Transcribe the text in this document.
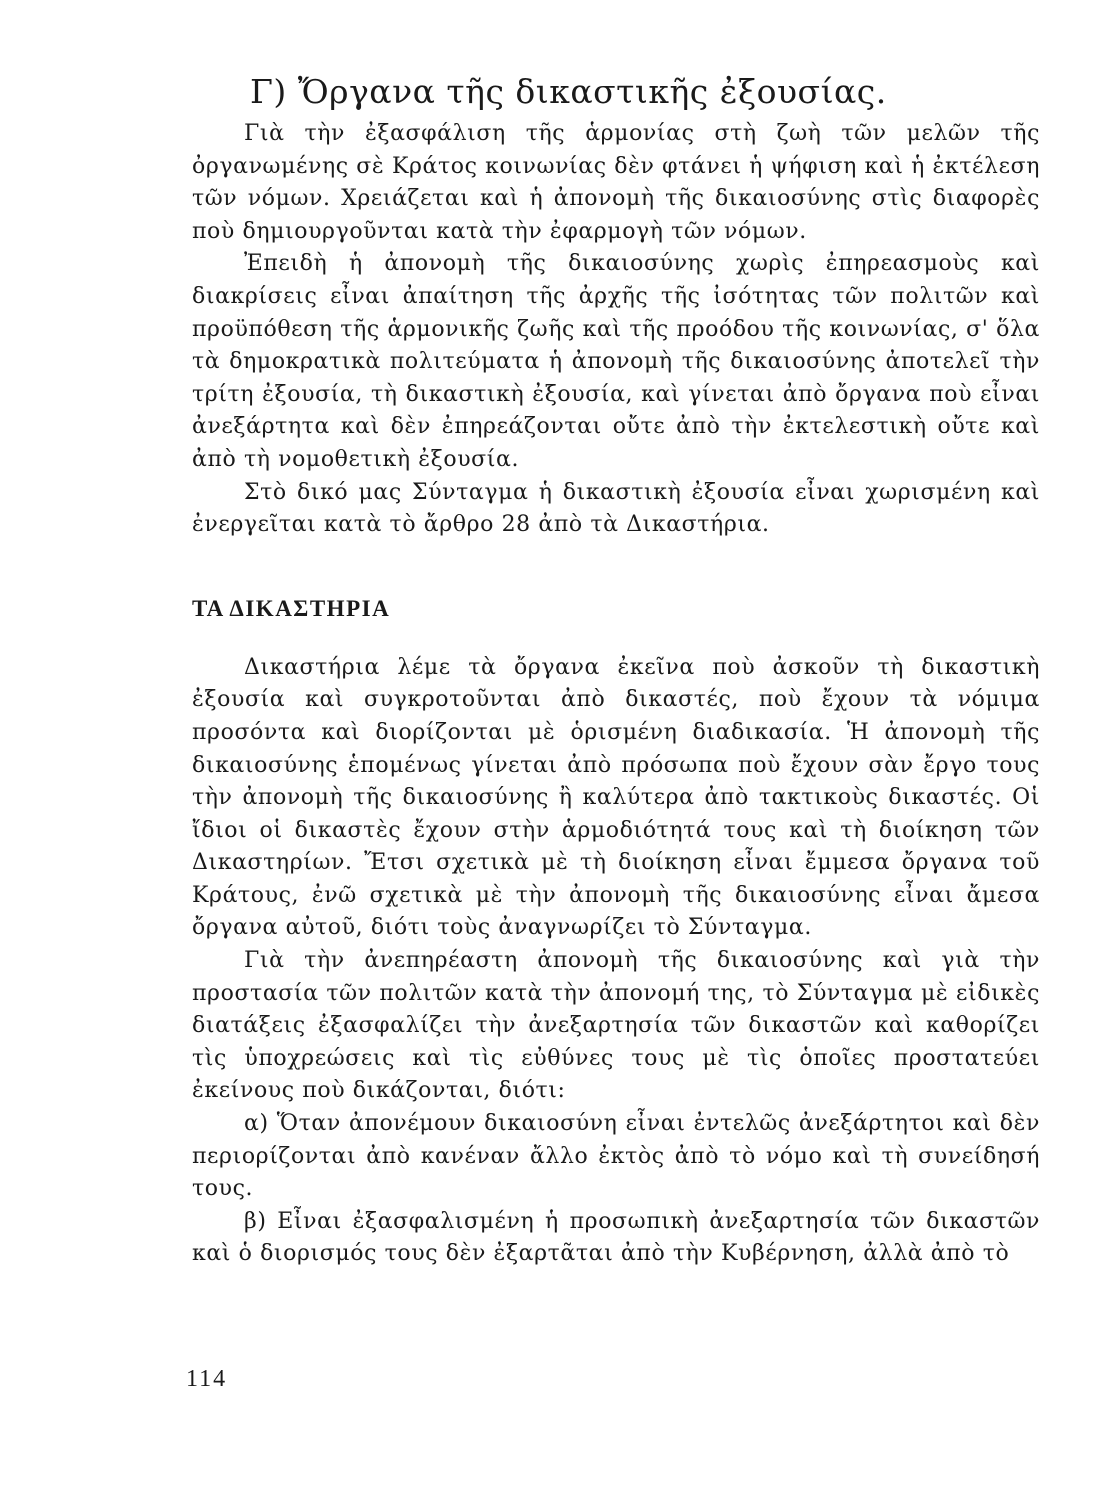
Γ) Ὄργανα τῆς δικαστικῆς ἐξουσίας.

Γιὰ τὴν ἐξασφάλιση τῆς ἁρμονίας στὴ ζωὴ τῶν μελῶν τῆς ὀργανωμένης σὲ Κράτος κοινωνίας δὲν φτάνει ἡ ψήφιση καὶ ἡ ἐκτέλεση τῶν νόμων. Χρειάζεται καὶ ἡ ἀπονομὴ τῆς δικαιοσύνης στὶς διαφορὲς ποὺ δημιουργοῦνται κατὰ τὴν ἐφαρμογὴ τῶν νόμων.

Ἐπειδὴ ἡ ἀπονομὴ τῆς δικαιοσύνης χωρὶς ἐπηρεασμοὺς καὶ διακρίσεις εἶναι ἀπαίτηση τῆς ἀρχῆς τῆς ἰσότητας τῶν πολιτῶν καὶ προϋπόθεση τῆς ἁρμονικῆς ζωῆς καὶ τῆς προόδου τῆς κοινωνίας, σ' ὅλα τὰ δημοκρατικὰ πολιτεύματα ἡ ἀπονομὴ τῆς δικαιοσύνης ἀποτελεῖ τὴν τρίτη ἐξουσία, τὴ δικαστικὴ ἐξουσία, καὶ γίνεται ἀπὸ ὄργανα ποὺ εἶναι ἀνεξάρτητα καὶ δὲν ἐπηρεάζονται οὔτε ἀπὸ τὴν ἐκτελεστικὴ οὔτε καὶ ἀπὸ τὴ νομοθετικὴ ἐξουσία.

Στὸ δικό μας Σύνταγμα ἡ δικαστικὴ ἐξουσία εἶναι χωρισμένη καὶ ἐνεργεῖται κατὰ τὸ ἄρθρο 28 ἀπὸ τὰ Δικαστήρια.

ΤΑ ΔΙΚΑΣΤΗΡΙΑ

Δικαστήρια λέμε τὰ ὄργανα ἐκεῖνα ποὺ ἀσκοῦν τὴ δικαστικὴ ἐξουσία καὶ συγκροτοῦνται ἀπὸ δικαστές, ποὺ ἔχουν τὰ νόμιμα προσόντα καὶ διορίζονται μὲ ὁρισμένη διαδικασία. Ἡ ἀπονομὴ τῆς δικαιοσύνης ἑπομένως γίνεται ἀπὸ πρόσωπα ποὺ ἔχουν σὰν ἔργο τους τὴν ἀπονομὴ τῆς δικαιοσύνης ἢ καλύτερα ἀπὸ τακτικοὺς δικαστές. Οἱ ἴδιοι οἱ δικαστὲς ἔχουν στὴν ἁρμοδιότητά τους καὶ τὴ διοίκηση τῶν Δικαστηρίων. Ἔτσι σχετικὰ μὲ τὴ διοίκηση εἶναι ἔμμεσα ὄργανα τοῦ Κράτους, ἐνῶ σχετικὰ μὲ τὴν ἀπονομὴ τῆς δικαιοσύνης εἶναι ἄμεσα ὄργανα αὐτοῦ, διότι τοὺς ἀναγνωρίζει τὸ Σύνταγμα.

Γιὰ τὴν ἀνεπηρέαστη ἀπονομὴ τῆς δικαιοσύνης καὶ γιὰ τὴν προστασία τῶν πολιτῶν κατὰ τὴν ἀπονομή της, τὸ Σύνταγμα μὲ εἰδικὲς διατάξεις ἐξασφαλίζει τὴν ἀνεξαρτησία τῶν δικαστῶν καὶ καθορίζει τὶς ὑποχρεώσεις καὶ τὶς εὐθύνες τους μὲ τὶς ὁποῖες προστατεύει ἐκείνους ποὺ δικάζονται, διότι:

α) Ὅταν ἀπονέμουν δικαιοσύνη εἶναι ἐντελῶς ἀνεξάρτητοι καὶ δὲν περιορίζονται ἀπὸ κανέναν ἄλλο ἐκτὸς ἀπὸ τὸ νόμο καὶ τὴ συνείδησή τους.

β) Εἶναι ἐξασφαλισμένη ἡ προσωπικὴ ἀνεξαρτησία τῶν δικαστῶν καὶ ὁ διορισμός τους δὲν ἐξαρτᾶται ἀπὸ τὴν Κυβέρνηση, ἀλλὰ ἀπὸ τὸ

114
